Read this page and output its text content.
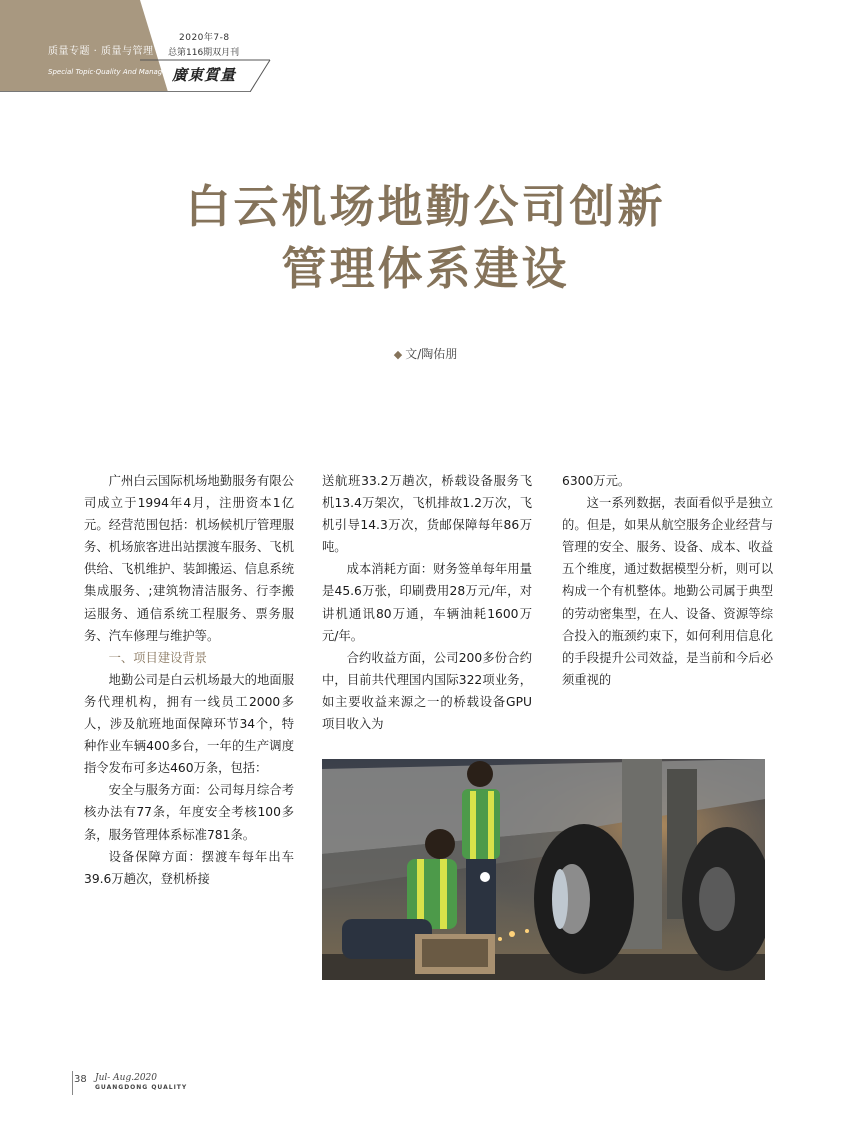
质量专题 · 质量与管理
Special Topic·Quality And Management
2020年7-8
总第116期双月刊
廣東質量
白云机场地勤公司创新
管理体系建设
◆ 文/陶佑朋

广州白云国际机场地勤服务有限公司成立于1994年4月，注册资本1亿元。经营范围包括：机场候机厅管理服务、机场旅客进出站摆渡车服务、飞机供给、飞机维护、装卸搬运、信息系统集成服务、;建筑物清洁服务、行李搬运服务、通信系统工程服务、票务服务、汽车修理与维护等。

一、项目建设背景

地勤公司是白云机场最大的地面服务代理机构，拥有一线员工2000多人，涉及航班地面保障环节34个，特种作业车辆400多台，一年的生产调度指令发布可多达460万条，包括：

安全与服务方面：公司每月综合考核办法有77条，年度安全考核100多条，服务管理体系标准781条。

设备保障方面：摆渡车每年出车39.6万趟次，登机桥接

送航班33.2万趟次，桥载设备服务飞机13.4万架次，飞机排故1.2万次，飞机引导14.3万次，货邮保障每年86万吨。

成本消耗方面：财务签单每年用量是45.6万张，印刷费用28万元/年，对讲机通讯80万通，车辆油耗1600万元/年。

合约收益方面，公司200多份合约中，目前共代理国内国际322项业务，如主要收益来源之一的桥载设备GPU项目收入为

6300万元。

这一系列数据，表面看似乎是独立的。但是，如果从航空服务企业经营与管理的安全、服务、设备、成本、收益五个维度，通过数据模型分析，则可以构成一个有机整体。地勤公司属于典型的劳动密集型，在人、设备、资源等综合投入的瓶颈约束下，如何利用信息化的手段提升公司效益，是当前和今后必须重视的

38 Jul- Aug.2020
GUANGDONG QUALITY
